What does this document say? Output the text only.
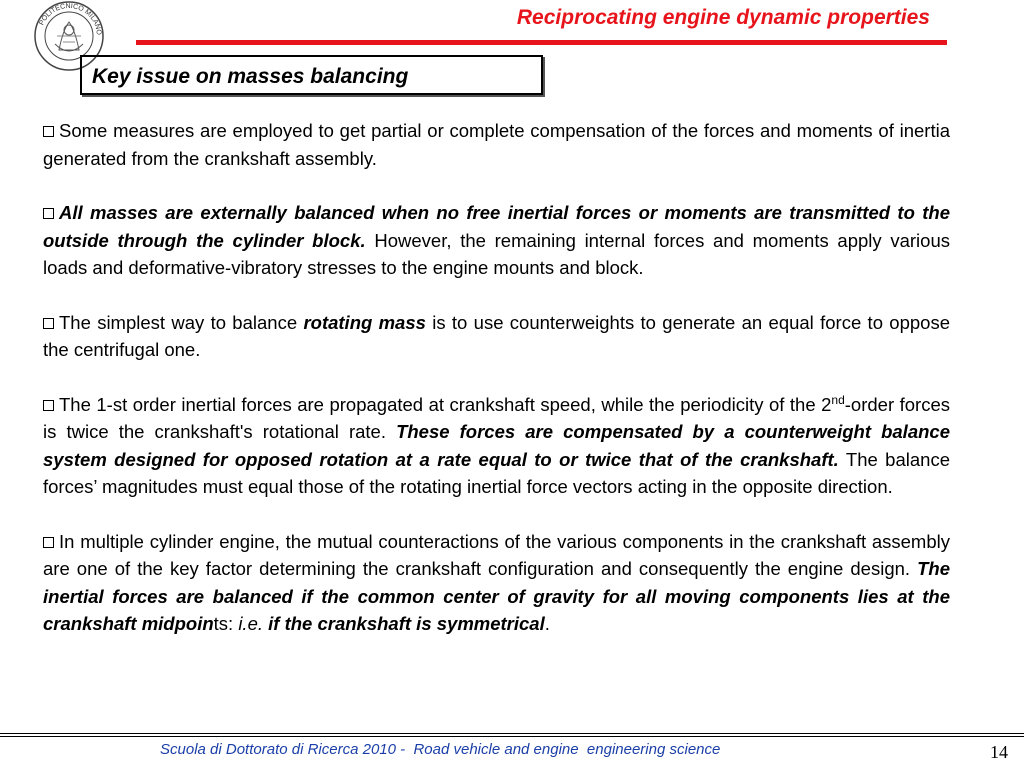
POLITECNICO MILANO
Reciprocating engine dynamic properties
Key issue on masses balancing

Some measures are employed to get partial or complete compensation of the forces and moments of inertia generated from the crankshaft assembly.

All masses are externally balanced when no free inertial forces or moments are transmitted to the outside through the cylinder block. However, the remaining internal forces and moments apply various loads and deformative-vibratory stresses to the engine mounts and block.

The simplest way to balance rotating mass is to use counterweights to generate an equal force to oppose the centrifugal one.

The 1-st order inertial forces are propagated at crankshaft speed, while the periodicity of the 2nd-order forces is twice the crankshaft's rotational rate. These forces are compensated by a counterweight balance system designed for opposed rotation at a rate equal to or twice that of the crankshaft. The balance forces’ magnitudes must equal those of the rotating inertial force vectors acting in the opposite direction.

In multiple cylinder engine, the mutual counteractions of the various components in the crankshaft assembly are one of the key factor determining the crankshaft configuration and consequently the engine design. The inertial forces are balanced if the common center of gravity for all moving components lies at the crankshaft midpoints: i.e. if the crankshaft is symmetrical.

Scuola di Dottorato di Ricerca 2010 -  Road vehicle and engine  engineering science	14
